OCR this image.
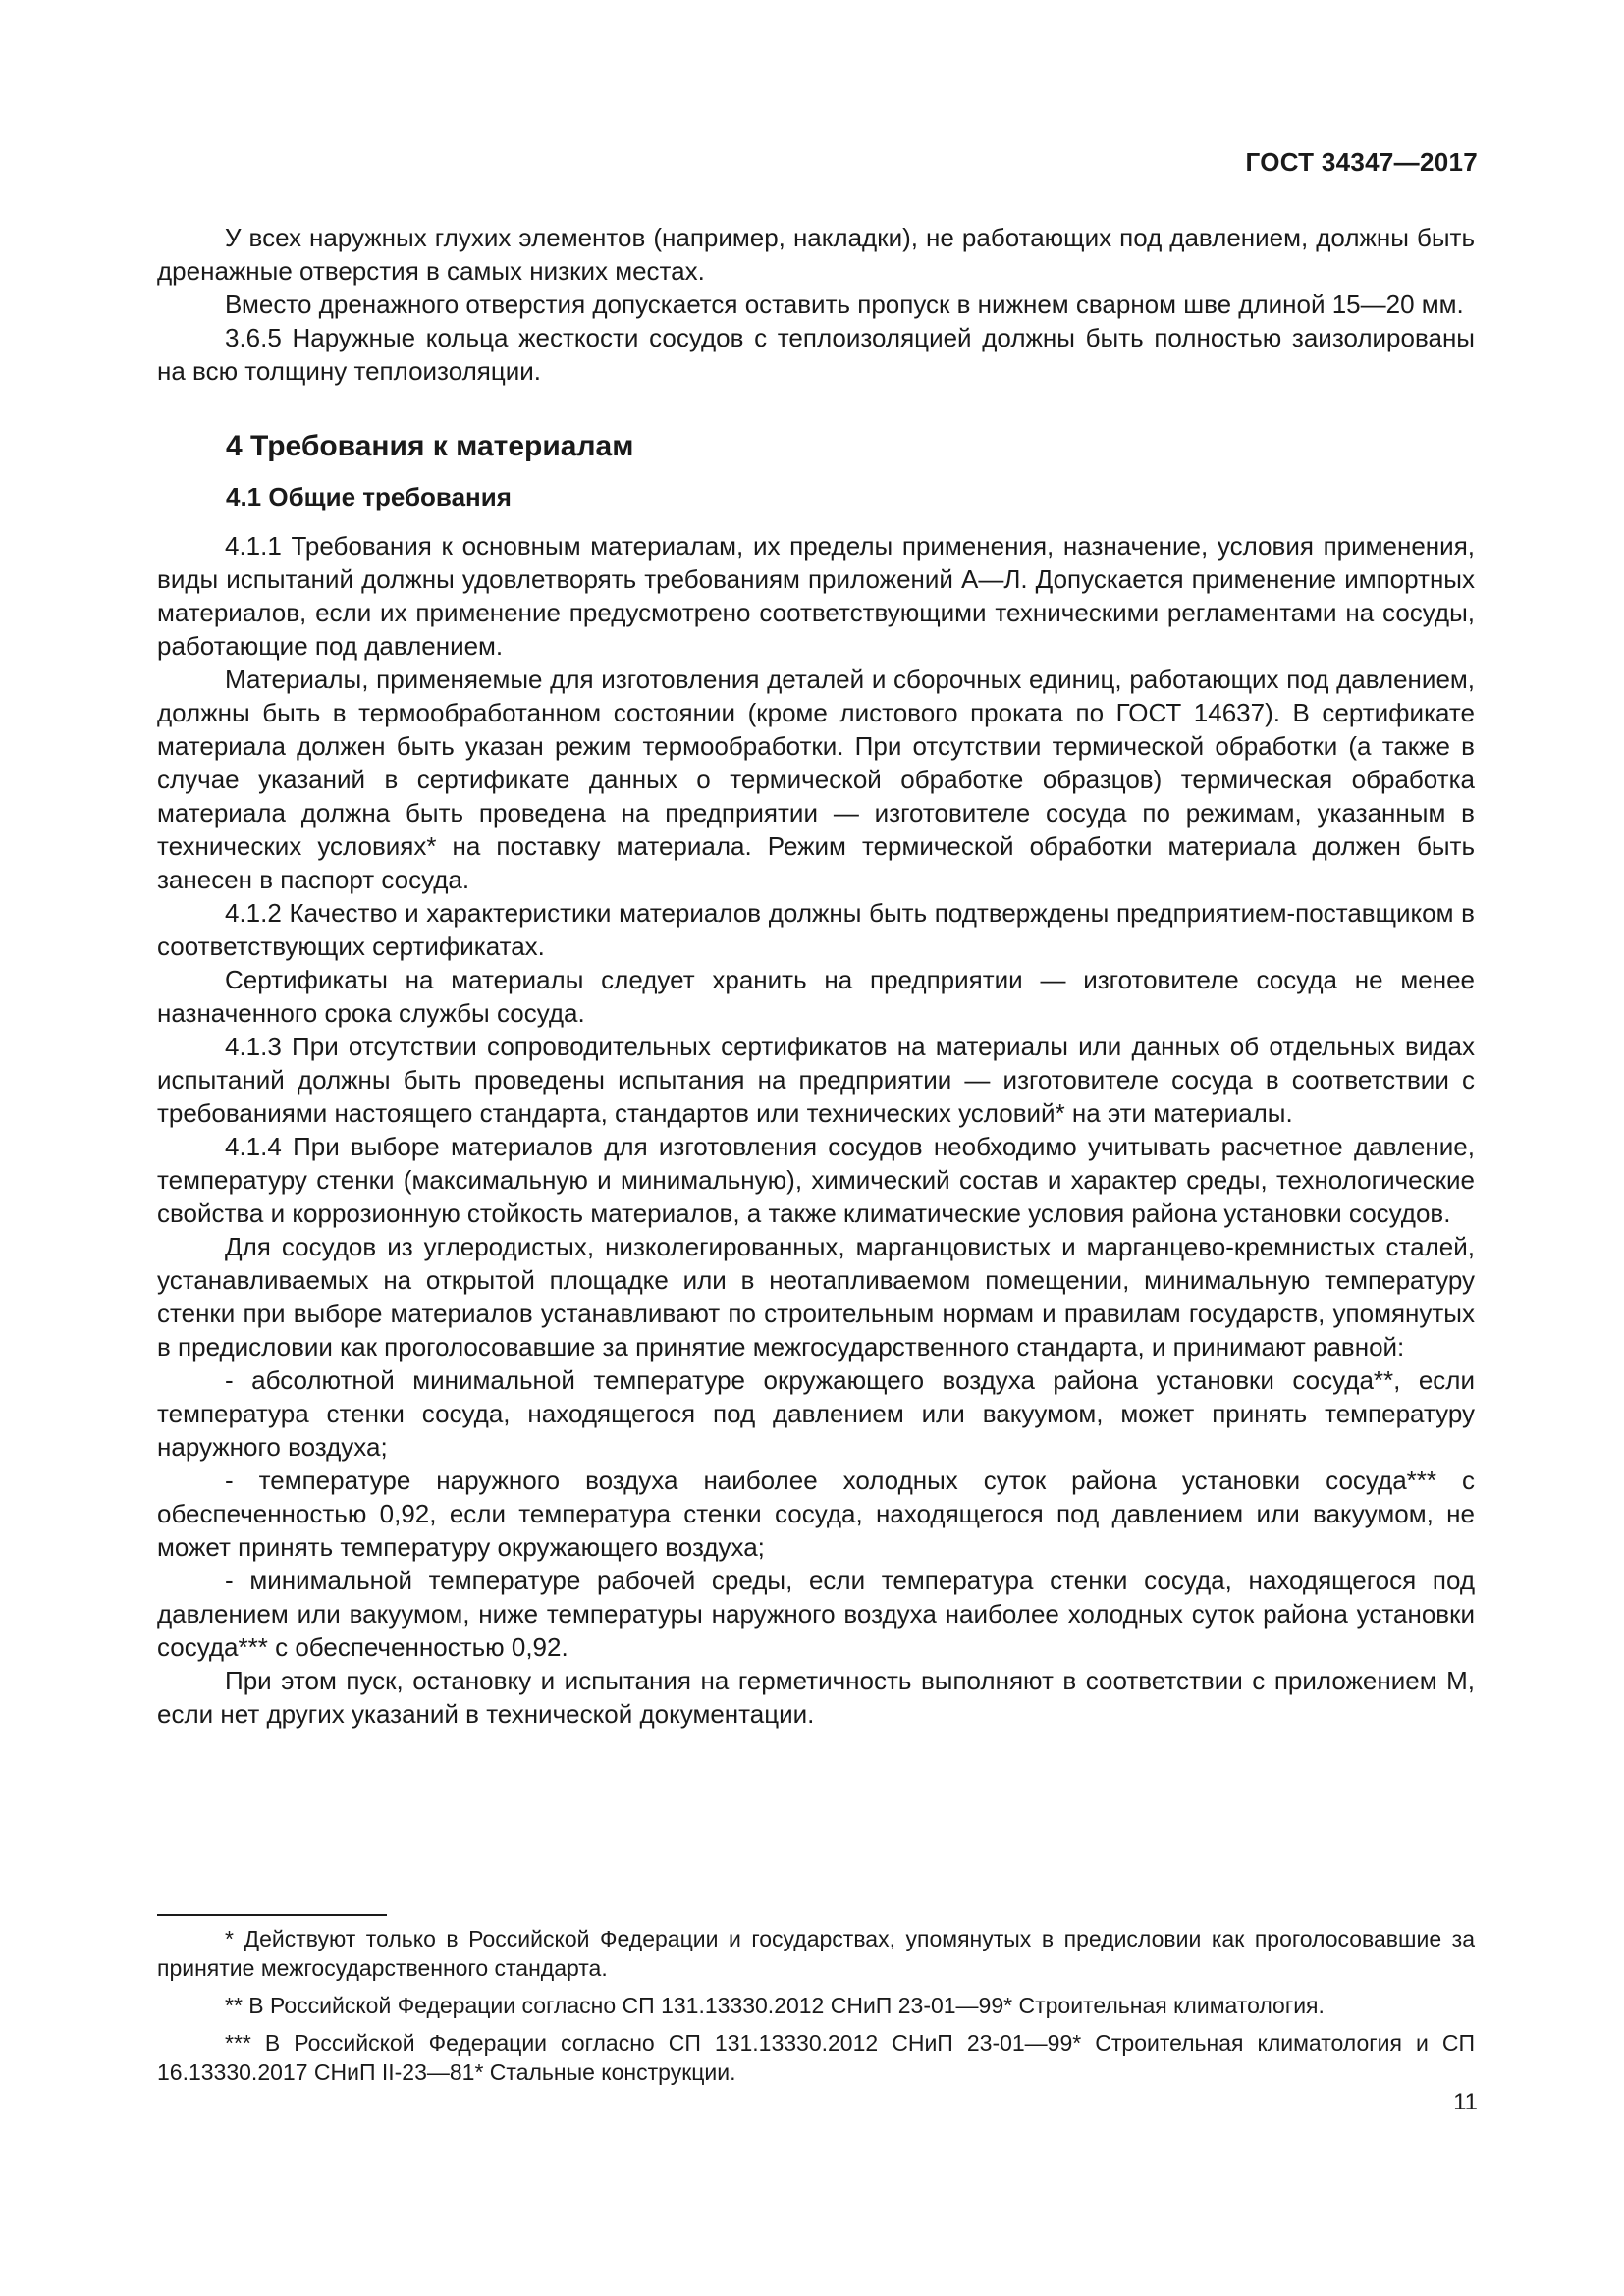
ГОСТ 34347—2017

У всех наружных глухих элементов (например, накладки), не работающих под давлением, должны быть дренажные отверстия в самых низких местах.

Вместо дренажного отверстия допускается оставить пропуск в нижнем сварном шве длиной 15—20 мм.

3.6.5 Наружные кольца жесткости сосудов с теплоизоляцией должны быть полностью заизолированы на всю толщину теплоизоляции.

4 Требования к материалам
4.1 Общие требования

4.1.1 Требования к основным материалам, их пределы применения, назначение, условия применения, виды испытаний должны удовлетворять требованиям приложений А—Л. Допускается применение импортных материалов, если их применение предусмотрено соответствующими техническими регламентами на сосуды, работающие под давлением.

Материалы, применяемые для изготовления деталей и сборочных единиц, работающих под давлением, должны быть в термообработанном состоянии (кроме листового проката по ГОСТ 14637). В сертификате материала должен быть указан режим термообработки. При отсутствии термической обработки (а также в случае указаний в сертификате данных о термической обработке образцов) термическая обработка материала должна быть проведена на предприятии — изготовителе сосуда по режимам, указанным в технических условиях* на поставку материала. Режим термической обработки материала должен быть занесен в паспорт сосуда.

4.1.2 Качество и характеристики материалов должны быть подтверждены предприятием-поставщиком в соответствующих сертификатах.

Сертификаты на материалы следует хранить на предприятии — изготовителе сосуда не менее назначенного срока службы сосуда.

4.1.3 При отсутствии сопроводительных сертификатов на материалы или данных об отдельных видах испытаний должны быть проведены испытания на предприятии — изготовителе сосуда в соответствии с требованиями настоящего стандарта, стандартов или технических условий* на эти материалы.

4.1.4 При выборе материалов для изготовления сосудов необходимо учитывать расчетное давление, температуру стенки (максимальную и минимальную), химический состав и характер среды, технологические свойства и коррозионную стойкость материалов, а также климатические условия района установки сосудов.

Для сосудов из углеродистых, низколегированных, марганцовистых и марганцево-кремнистых сталей, устанавливаемых на открытой площадке или в неотапливаемом помещении, минимальную температуру стенки при выборе материалов устанавливают по строительным нормам и правилам государств, упомянутых в предисловии как проголосовавшие за принятие межгосударственного стандарта, и принимают равной:

- абсолютной минимальной температуре окружающего воздуха района установки сосуда**, если температура стенки сосуда, находящегося под давлением или вакуумом, может принять температуру наружного воздуха;

- температуре наружного воздуха наиболее холодных суток района установки сосуда*** с обеспеченностью 0,92, если температура стенки сосуда, находящегося под давлением или вакуумом, не может принять температуру окружающего воздуха;

- минимальной температуре рабочей среды, если температура стенки сосуда, находящегося под давлением или вакуумом, ниже температуры наружного воздуха наиболее холодных суток района установки сосуда*** с обеспеченностью 0,92.

При этом пуск, остановку и испытания на герметичность выполняют в соответствии с приложением М, если нет других указаний в технической документации.

* Действуют только в Российской Федерации и государствах, упомянутых в предисловии как проголосовавшие за принятие межгосударственного стандарта.

** В Российской Федерации согласно СП 131.13330.2012 СНиП 23-01—99* Строительная климатология.

*** В Российской Федерации согласно СП 131.13330.2012 СНиП 23-01—99* Строительная климатология и СП 16.13330.2017 СНиП II-23—81* Стальные конструкции.

11
